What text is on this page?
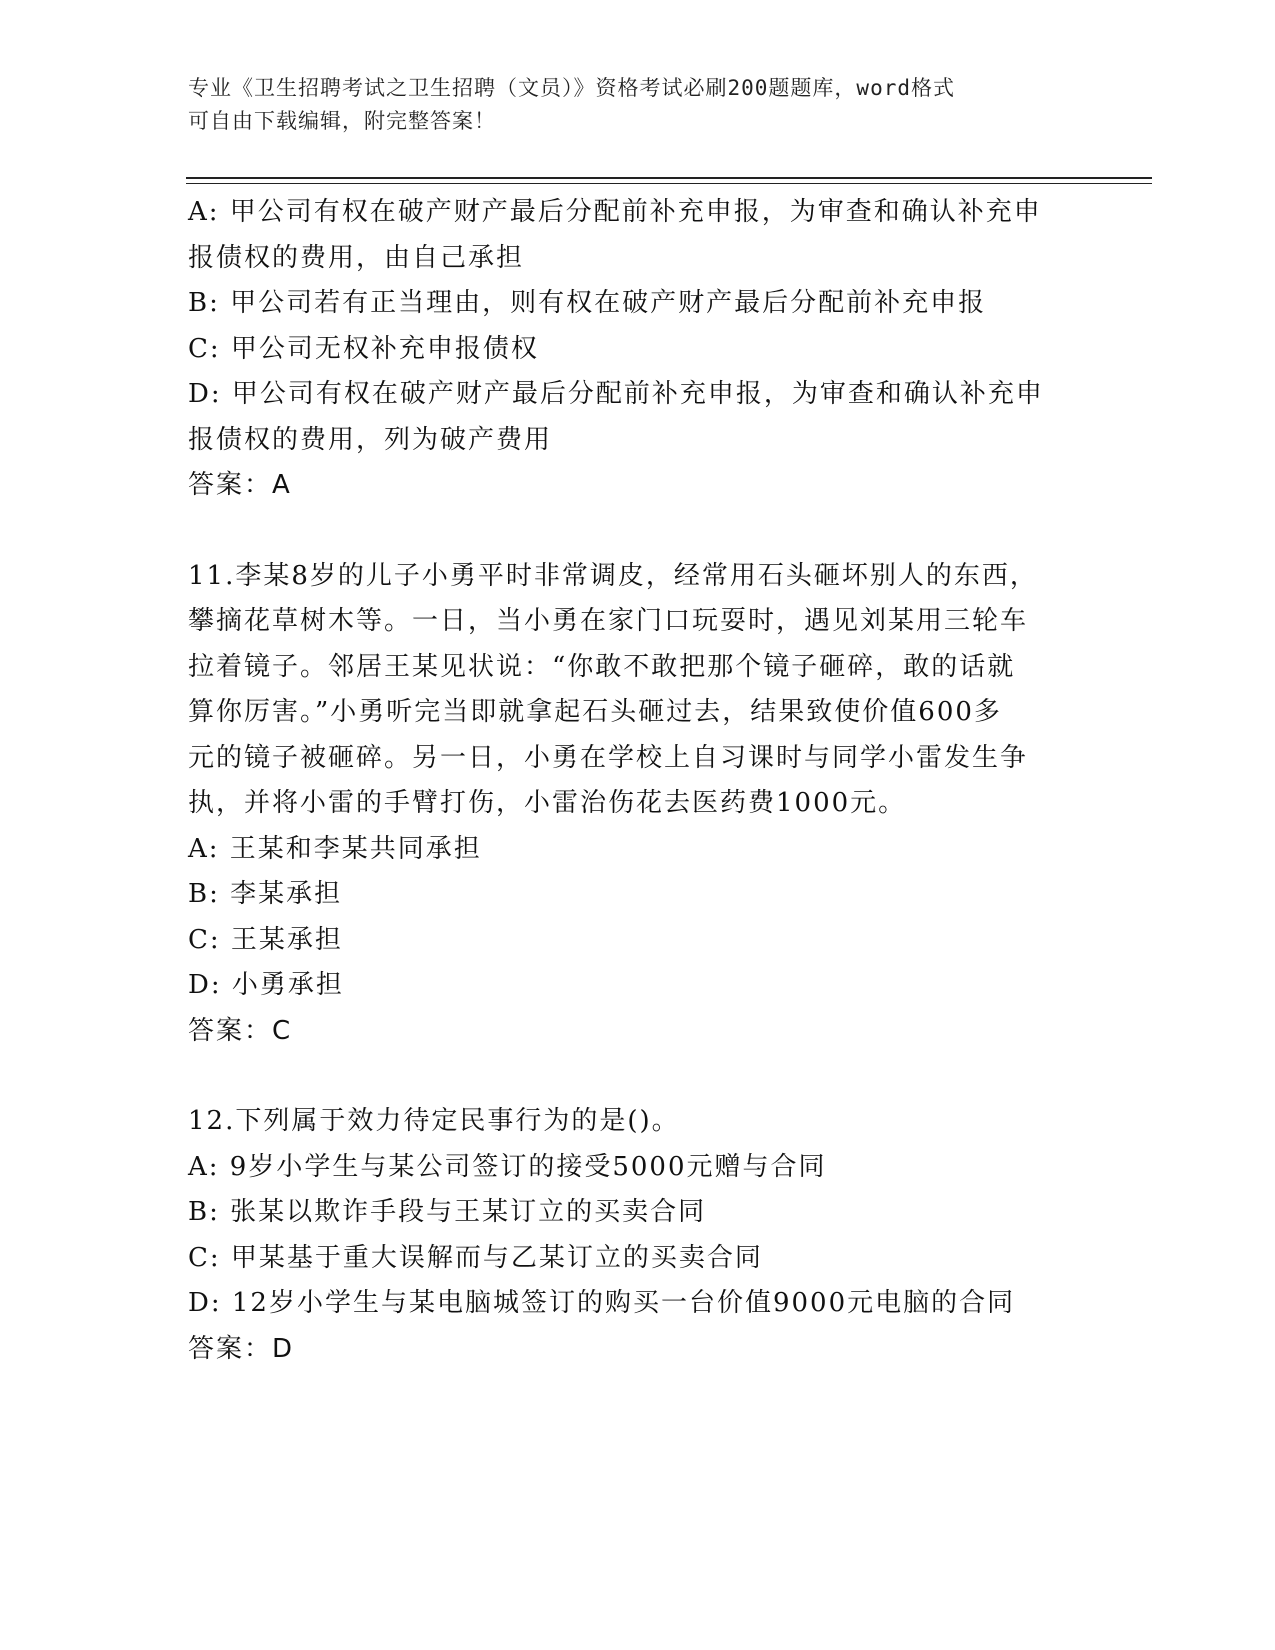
专业《卫生招聘考试之卫生招聘（文员）》资格考试必刷200题题库，word格式
可自由下载编辑，附完整答案！
A: 甲公司有权在破产财产最后分配前补充申报，为审查和确认补充申
报债权的费用，由自己承担
B: 甲公司若有正当理由，则有权在破产财产最后分配前补充申报
C: 甲公司无权补充申报债权
D: 甲公司有权在破产财产最后分配前补充申报，为审查和确认补充申
报债权的费用，列为破产费用
答案：A
11.李某8岁的儿子小勇平时非常调皮，经常用石头砸坏别人的东西，
攀摘花草树木等。一日，当小勇在家门口玩耍时，遇见刘某用三轮车
拉着镜子。邻居王某见状说：“你敢不敢把那个镜子砸碎，敢的话就
算你厉害。”小勇听完当即就拿起石头砸过去，结果致使价值600多
元的镜子被砸碎。另一日，小勇在学校上自习课时与同学小雷发生争
执，并将小雷的手臂打伤，小雷治伤花去医药费1000元。
A: 王某和李某共同承担
B: 李某承担
C: 王某承担
D: 小勇承担
答案：C
12.下列属于效力待定民事行为的是()。
A: 9岁小学生与某公司签订的接受5000元赠与合同
B: 张某以欺诈手段与王某订立的买卖合同
C: 甲某基于重大误解而与乙某订立的买卖合同
D: 12岁小学生与某电脑城签订的购买一台价值9000元电脑的合同
答案：D
